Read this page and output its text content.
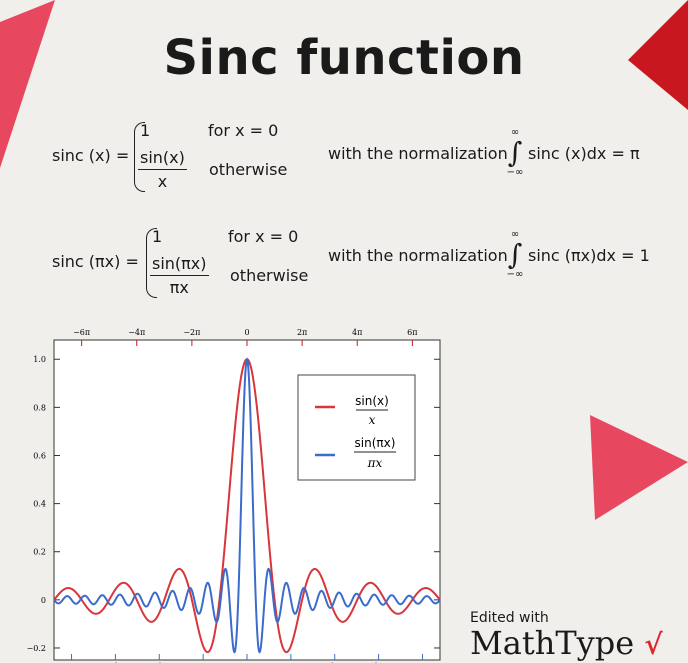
Sinc function
sinc (x) =
1	for x = 0
$\frac{\sin(x)}{x}$ otherwise
with the normalization
∞
∫
−∞
sinc (x)dx = π
sinc (πx) =
1	for x = 0
$\frac{\sin(\pi x)}{\pi x}$ otherwise
with the normalization
∞
∫
−∞
sinc (πx)dx = 1
−0.2
0
0.2
0.4
0.6
0.8
1.0
−6π	−4π	−2π	0	2π	4π	6π
sin(x)
x
sin(πx)
πx
Edited with
MathType √
